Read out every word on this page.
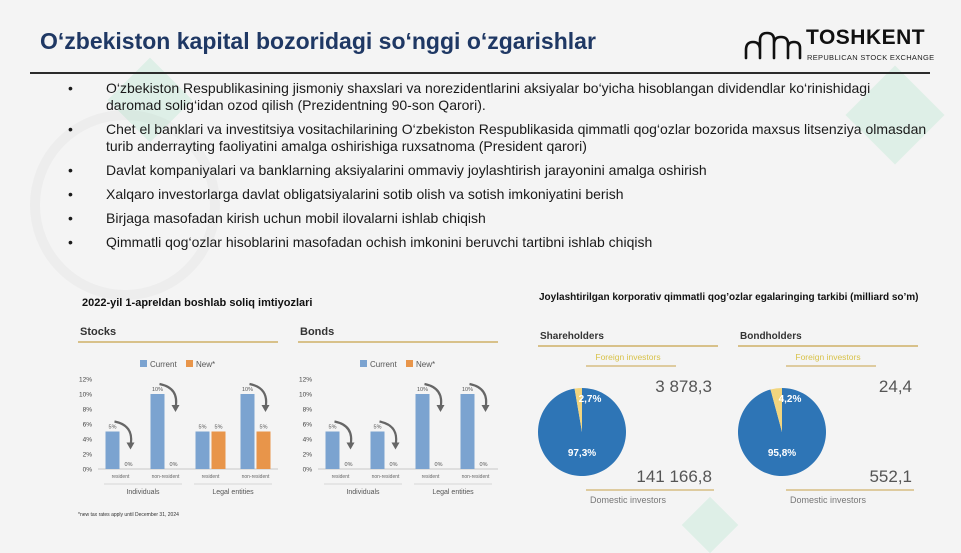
O‘zbekiston kapital bozoridagi so‘nggi o‘zgarishlar	TOSHKENT
REPUBLICAN STOCK EXCHANGE
• O‘zbekiston Respublikasining jismoniy shaxslari va norezidentlarini aksiyalar bo‘yicha hisoblangan dividendlar ko‘rinishidagi daromad solig‘idan ozod qilish (Prezidentning 90-son Qarori).
• Chet el banklari va investitsiya vositachilarining O‘zbekiston Respublikasida qimmatli qog‘ozlar bozorida maxsus litsenziya olmasdan turib anderrayting faoliyatini amalga oshirishiga ruxsatnoma (President qarori)
• Davlat kompaniyalari va banklarning aksiyalarini ommaviy joylashtirish jarayonini amalga oshirish
• Xalqaro investorlarga davlat obligatsiyalarini sotib olish va sotish imkoniyatini berish
• Birjaga masofadan kirish uchun mobil ilovalarni ishlab chiqish
• Qimmatli qog‘ozlar hisoblarini masofadan ochish imkonini beruvchi tartibni ishlab chiqish
2022-yil 1-apreldan boshlab soliq imtiyozlari	Joylashtirilgan korporativ qimmatli qog’ozlar egalaringing tarkibi (milliard so’m)
Stocks
Current New*
0%
2%
4%
6%
8%
10%
12%
5%
0%
resident
10%
0%
non-resident
5% 5%
resident
10%
5%
non-resident
Individuals	Legal entities
Bonds
Current New*
0%
2%
4%
6%
8%
10%
12%
5%
0%
resident
5%
0%
non-resident
10%
0%
resident
10%
0%
non-resident
Individuals	Legal entities
Shareholders
Foreign investors
2,7%
97,3%
3 878,3
141 166,8
Domestic investors
Bondholders
Foreign investors
4,2%
95,8%
24,4
552,1
Domestic investors
*new tax rates apply until December 31, 2024
